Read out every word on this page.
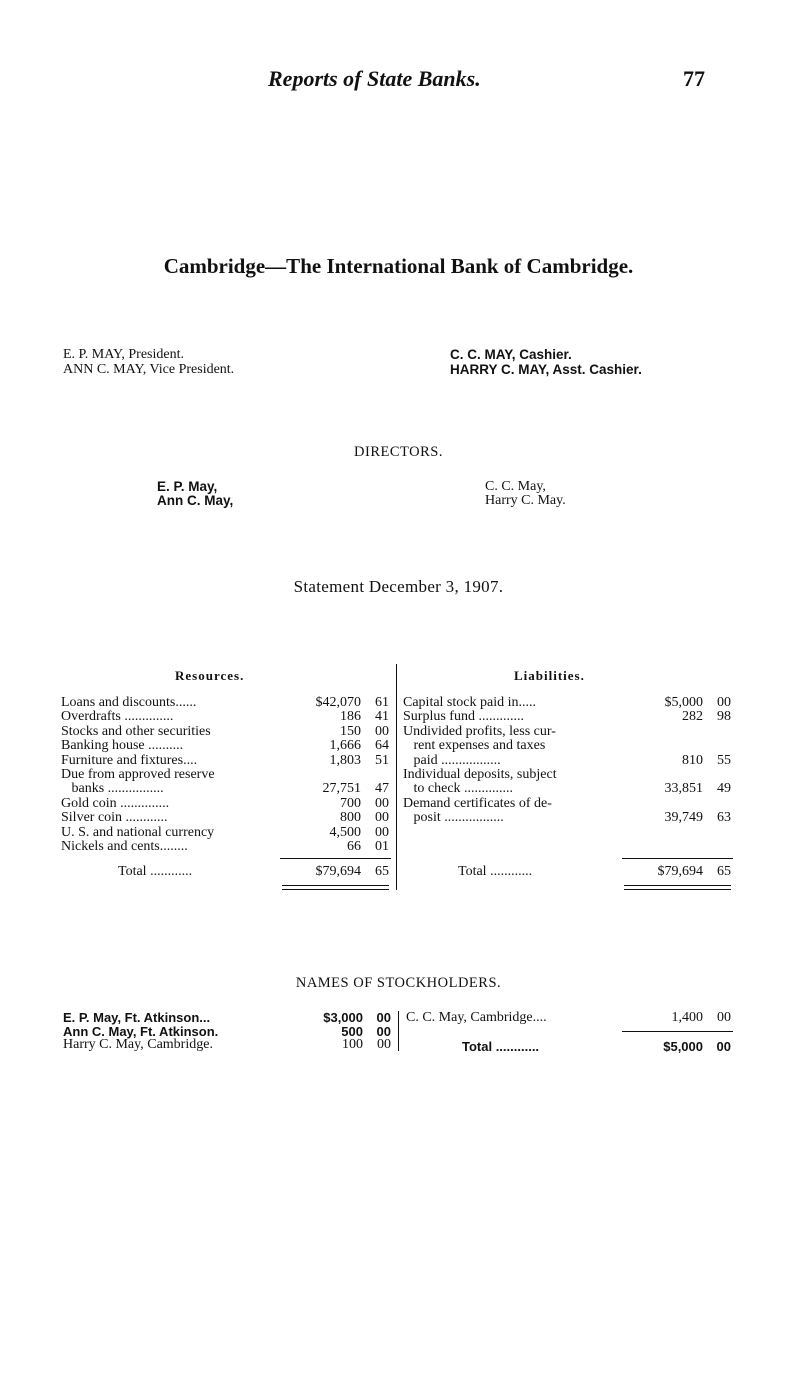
Reports of State Banks.	77
Cambridge—The International Bank of Cambridge.
E. P. MAY, President.
ANN C. MAY, Vice President.
C. C. MAY, Cashier.
HARRY C. MAY, Asst. Cashier.
DIRECTORS.
E. P. May,
Ann C. May,
C. C. May,
Harry C. May.
Statement December 3, 1907.
Resources.	Liabilities.
Loans and discounts......	$42,070 61
Overdrafts ..............	186 41
Stocks and other securities	150 00
Banking house ..........	1,666 64
Furniture and fixtures....	1,803 51
Due from approved reserve
banks ................	27,751 47
Gold coin ..............	700 00
Silver coin ............	800 00
U. S. and national currency	4,500 00
Nickels and cents........	66 01
Total ............	$79,694 65
Capital stock paid in.....	$5,000 00
Surplus fund .............	282 98
Undivided profits, less cur-
rent expenses and taxes
paid .................	810 55
Individual deposits, subject
to check ..............	33,851 49
Demand certificates of de-
posit .................	39,749 63
Total ............	$79,694 65
NAMES OF STOCKHOLDERS.
E. P. May, Ft. Atkinson...	$3,000 00
Ann C. May, Ft. Atkinson.	500 00
Harry C. May, Cambridge.	100 00
C. C. May, Cambridge....	1,400 00
Total ............	$5,000 00
